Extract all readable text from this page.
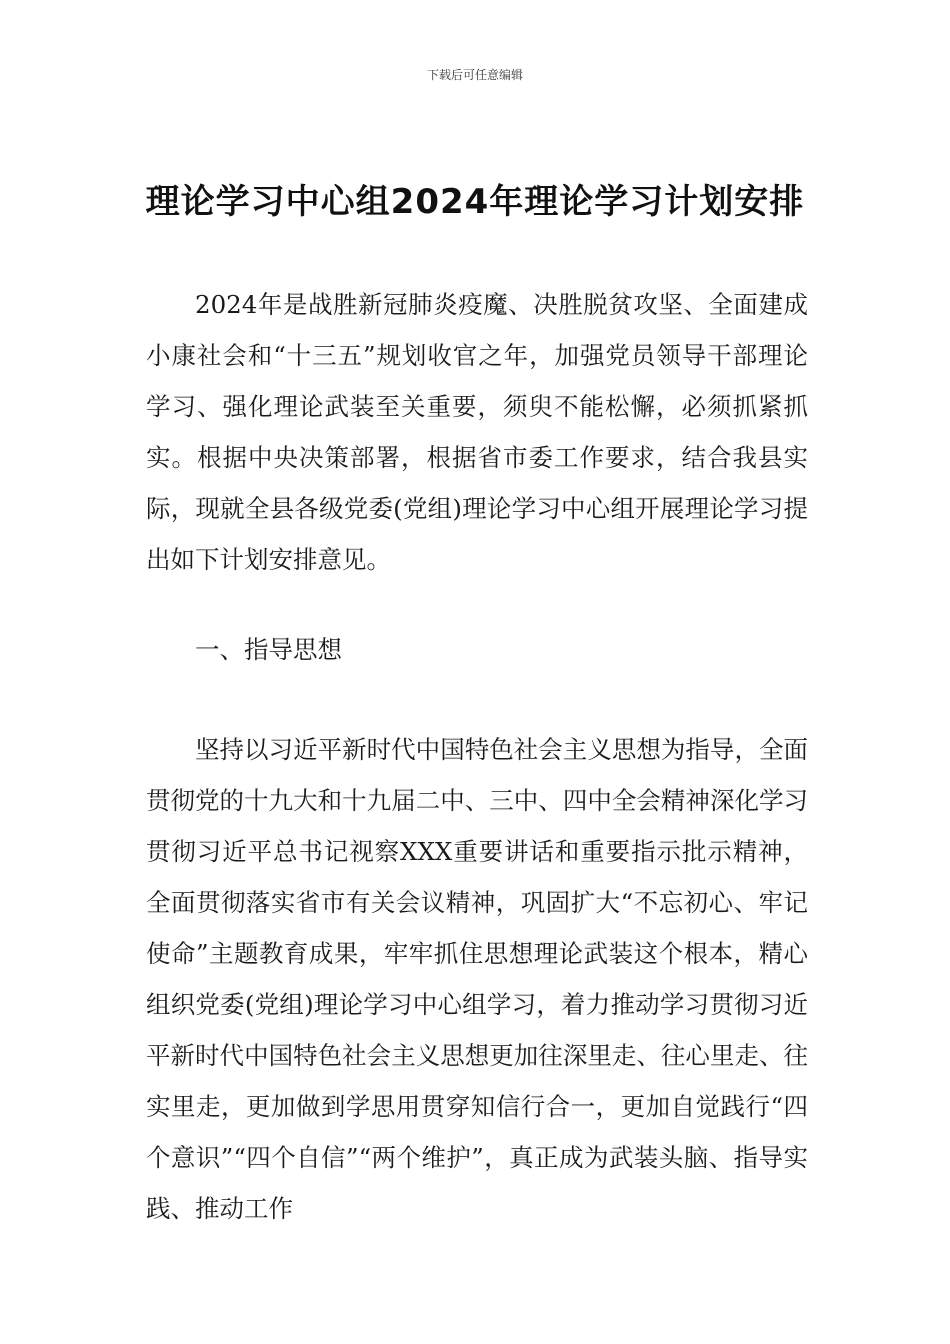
下载后可任意编辑
理论学习中心组2024年理论学习计划安排

2024年是战胜新冠肺炎疫魔、决胜脱贫攻坚、全面建成小康社会和“十三五”规划收官之年，加强党员领导干部理论学习、强化理论武装至关重要，须臾不能松懈，必须抓紧抓实。根据中央决策部署，根据省市委工作要求，结合我县实际，现就全县各级党委(党组)理论学习中心组开展理论学习提出如下计划安排意见。

一、指导思想

坚持以习近平新时代中国特色社会主义思想为指导，全面贯彻党的十九大和十九届二中、三中、四中全会精神深化学习贯彻习近平总书记视察XXX重要讲话和重要指示批示精神，全面贯彻落实省市有关会议精神，巩固扩大“不忘初心、牢记使命”主题教育成果，牢牢抓住思想理论武装这个根本，精心组织党委(党组)理论学习中心组学习，着力推动学习贯彻习近平新时代中国特色社会主义思想更加往深里走、往心里走、往实里走，更加做到学思用贯穿知信行合一，更加自觉践行“四个意识”“四个自信”“两个维护”，真正成为武装头脑、指导实践、推动工作
